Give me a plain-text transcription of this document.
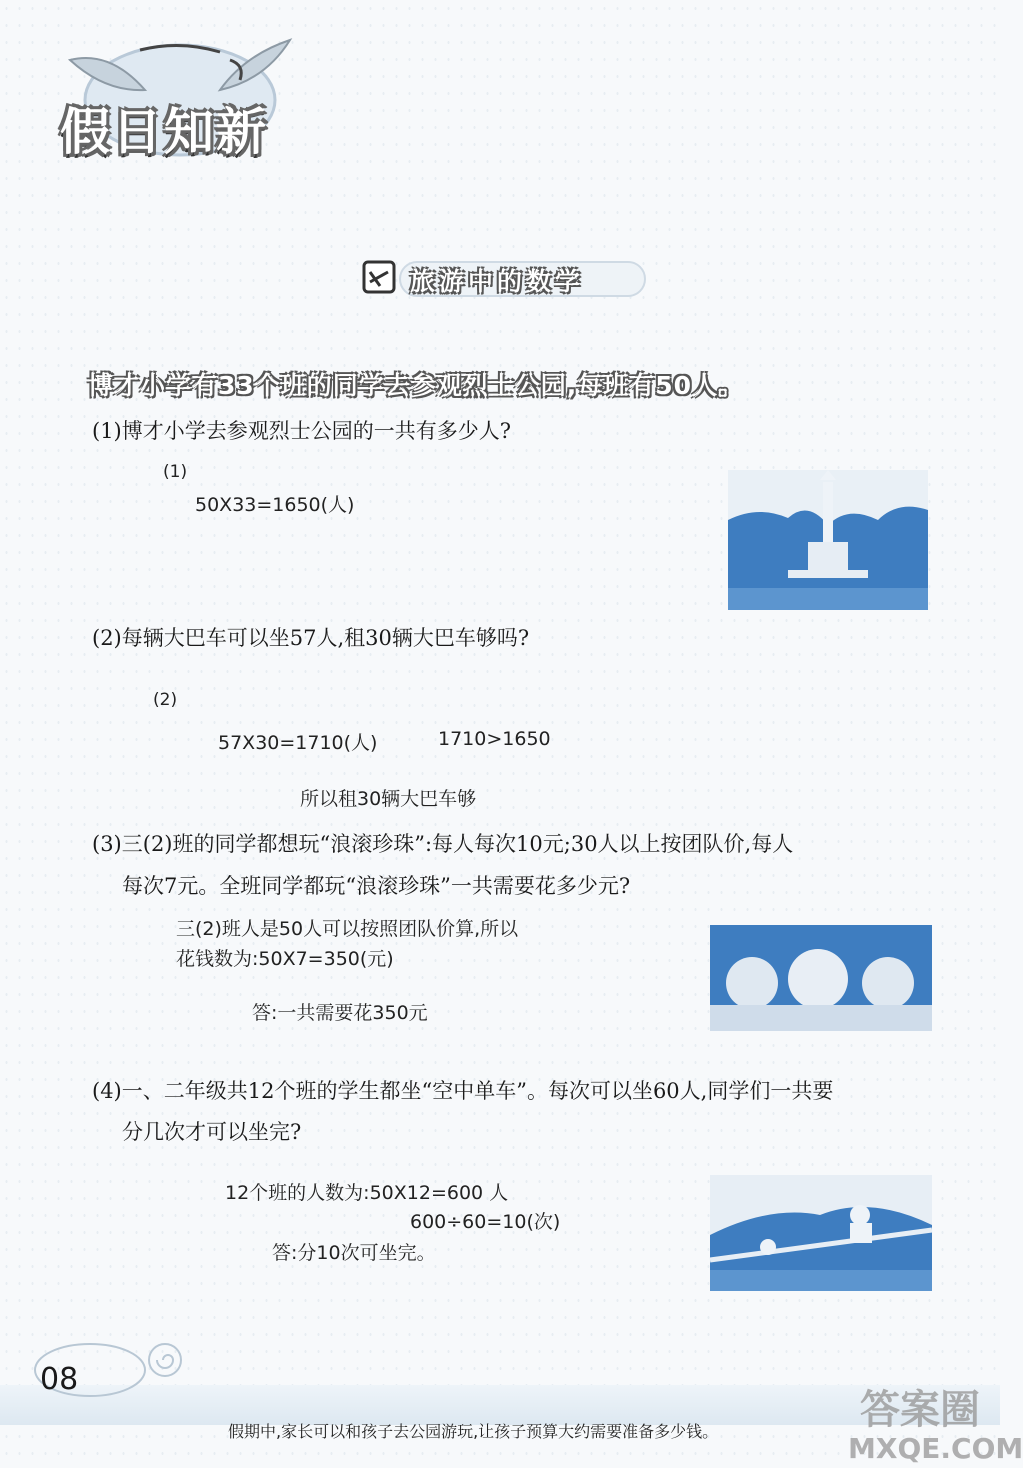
假日知新
旅游中的数学
博才小学有33个班的同学去参观烈士公园,每班有50人。
(1)博才小学去参观烈士公园的一共有多少人?
(1)
50X33=1650(人)
(2)每辆大巴车可以坐57人,租30辆大巴车够吗?
(2)
57X30=1710(人)	1710>1650
所以租30辆大巴车够
(3)三(2)班的同学都想玩“浪滚珍珠”:每人每次10元;30人以上按团队价,每人
每次7元。全班同学都玩“浪滚珍珠”一共需要花多少元?
三(2)班人是50人可以按照团队价算,所以
花钱数为:50X7=350(元)
答:一共需要花350元
(4)一、二年级共12个班的学生都坐“空中单车”。每次可以坐60人,同学们一共要
分几次才可以坐完?
12个班的人数为:50X12=600 人
600÷60=10(次)
答:分10次可坐完。
08
假期中,家长可以和孩子去公园游玩,让孩子预算大约需要准备多少钱。	答案圈
MXQE.COM
